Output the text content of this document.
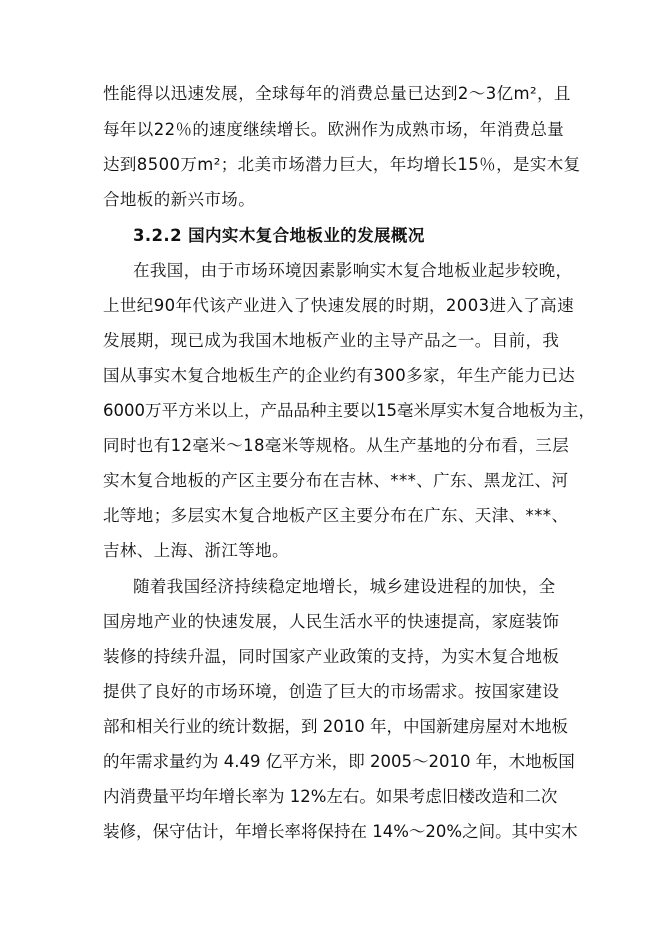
性能得以迅速发展，全球每年的消费总量已达到2～3亿m²，且
每年以22％的速度继续增长。欧洲作为成熟市场，年消费总量
达到8500万m²；北美市场潜力巨大，年均增长15％，是实木复
合地板的新兴市场。
3.2.2 国内实木复合地板业的发展概况
在我国，由于市场环境因素影响实木复合地板业起步较晚，
上世纪90年代该产业进入了快速发展的时期，2003进入了高速
发展期，现已成为我国木地板产业的主导产品之一。目前，我
国从事实木复合地板生产的企业约有300多家，年生产能力已达
6000万平方米以上，产品品种主要以15毫米厚实木复合地板为主，
同时也有12毫米～18毫米等规格。从生产基地的分布看，三层
实木复合地板的产区主要分布在吉林、***、广东、黑龙江、河
北等地；多层实木复合地板产区主要分布在广东、天津、***、
吉林、上海、浙江等地。
随着我国经济持续稳定地增长，城乡建设进程的加快，全
国房地产业的快速发展，人民生活水平的快速提高，家庭装饰
装修的持续升温，同时国家产业政策的支持，为实木复合地板
提供了良好的市场环境，创造了巨大的市场需求。按国家建设
部和相关行业的统计数据，到 2010 年，中国新建房屋对木地板
的年需求量约为 4.49 亿平方米，即 2005～2010 年，木地板国
内消费量平均年增长率为 12%左右。如果考虑旧楼改造和二次
装修，保守估计，年增长率将保持在 14%～20%之间。其中实木
